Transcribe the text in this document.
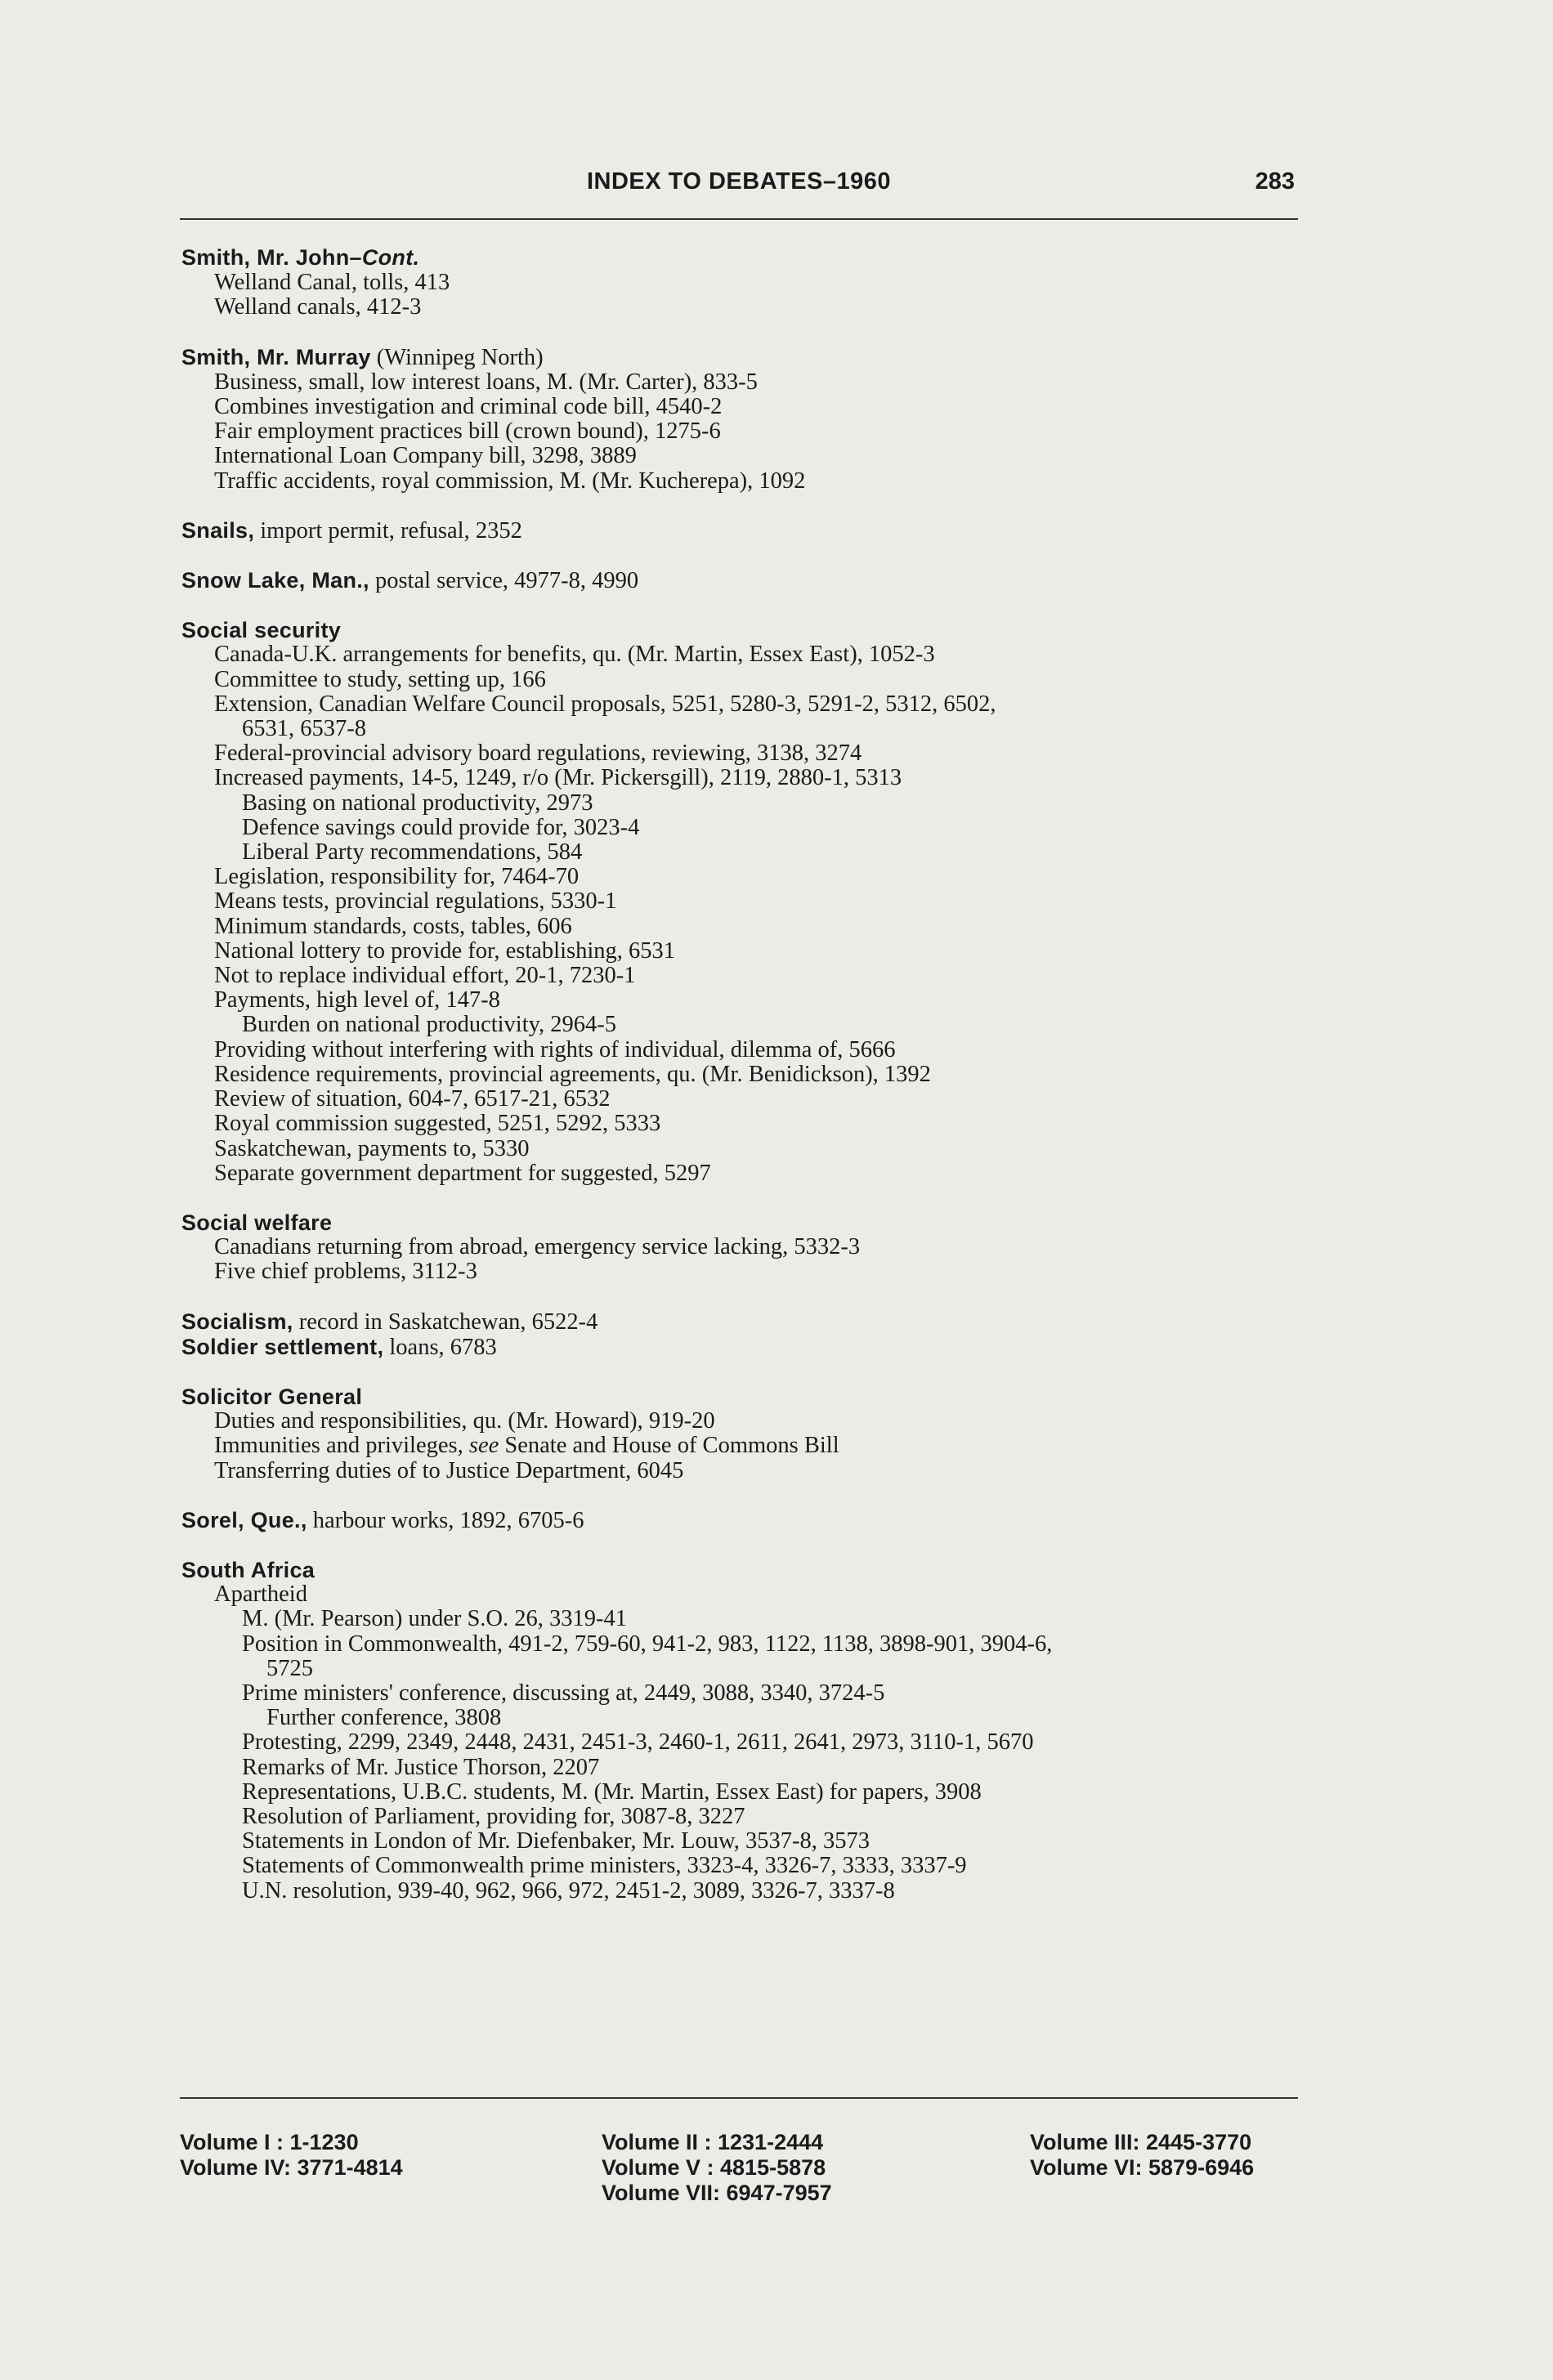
INDEX TO DEBATES–1960	283
Smith, Mr. John–Cont.
Welland Canal, tolls, 413
Welland canals, 412-3
Smith, Mr. Murray (Winnipeg North)
Business, small, low interest loans, M. (Mr. Carter), 833-5
Combines investigation and criminal code bill, 4540-2
Fair employment practices bill (crown bound), 1275-6
International Loan Company bill, 3298, 3889
Traffic accidents, royal commission, M. (Mr. Kucherepa), 1092
Snails, import permit, refusal, 2352
Snow Lake, Man., postal service, 4977-8, 4990
Social security
Canada-U.K. arrangements for benefits, qu. (Mr. Martin, Essex East), 1052-3
Committee to study, setting up, 166
Extension, Canadian Welfare Council proposals, 5251, 5280-3, 5291-2, 5312, 6502,
6531, 6537-8
Federal-provincial advisory board regulations, reviewing, 3138, 3274
Increased payments, 14-5, 1249, r/o (Mr. Pickersgill), 2119, 2880-1, 5313
Basing on national productivity, 2973
Defence savings could provide for, 3023-4
Liberal Party recommendations, 584
Legislation, responsibility for, 7464-70
Means tests, provincial regulations, 5330-1
Minimum standards, costs, tables, 606
National lottery to provide for, establishing, 6531
Not to replace individual effort, 20-1, 7230-1
Payments, high level of, 147-8
Burden on national productivity, 2964-5
Providing without interfering with rights of individual, dilemma of, 5666
Residence requirements, provincial agreements, qu. (Mr. Benidickson), 1392
Review of situation, 604-7, 6517-21, 6532
Royal commission suggested, 5251, 5292, 5333
Saskatchewan, payments to, 5330
Separate government department for suggested, 5297
Social welfare
Canadians returning from abroad, emergency service lacking, 5332-3
Five chief problems, 3112-3
Socialism, record in Saskatchewan, 6522-4
Soldier settlement, loans, 6783
Solicitor General
Duties and responsibilities, qu. (Mr. Howard), 919-20
Immunities and privileges, see Senate and House of Commons Bill
Transferring duties of to Justice Department, 6045
Sorel, Que., harbour works, 1892, 6705-6
South Africa
Apartheid
M. (Mr. Pearson) under S.O. 26, 3319-41
Position in Commonwealth, 491-2, 759-60, 941-2, 983, 1122, 1138, 3898-901, 3904-6,
5725
Prime ministers' conference, discussing at, 2449, 3088, 3340, 3724-5
Further conference, 3808
Protesting, 2299, 2349, 2448, 2431, 2451-3, 2460-1, 2611, 2641, 2973, 3110-1, 5670
Remarks of Mr. Justice Thorson, 2207
Representations, U.B.C. students, M. (Mr. Martin, Essex East) for papers, 3908
Resolution of Parliament, providing for, 3087-8, 3227
Statements in London of Mr. Diefenbaker, Mr. Louw, 3537-8, 3573
Statements of Commonwealth prime ministers, 3323-4, 3326-7, 3333, 3337-9
U.N. resolution, 939-40, 962, 966, 972, 2451-2, 3089, 3326-7, 3337-8
Volume I : 1-1230
Volume IV: 3771-4814
Volume II : 1231-2444
Volume V : 4815-5878
Volume VII: 6947-7957
Volume III: 2445-3770
Volume VI: 5879-6946
